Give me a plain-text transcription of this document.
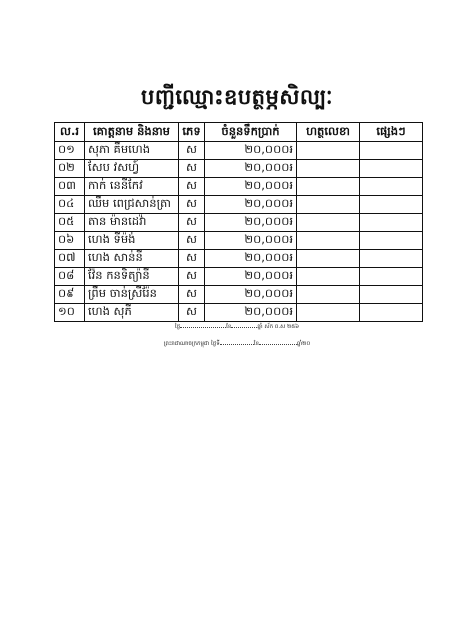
បញ្ជីឈ្មោះឧបត្ថម្ភសិល្បៈ
ល.រ	គោត្តនាម និងនាម	ភេទ	ចំនួនទឹកប្រាក់	ហត្ថលេខា	ផ្សេងៗ
០១	សុភា គឹមហេង	ស	២០,០០០៛		
០២	សែប វសហ្វ៍	ស	២០,០០០៛		
០៣	កាក់ នេនីកែវ	ស	២០,០០០៛		
០៤	ឈឹម ពេជ្រសាន់ត្រា	ស	២០,០០០៛		
០៥	តាន ម៉ានដេវ៉ា	ស	២០,០០០៛		
០៦	ហេង ទីម៉ង់	ស	២០,០០០៛		
០៧	ហេង សាន់នី	ស	២០,០០០៛		
០៨	វ៉ែន កនទិត្យ៉ានី	ស	២០,០០០៛		
០៩	ព្រឹម ចាន់ស្រីរ៉ែន	ស	២០,០០០៛		
១០	ហេង សុភី	ស	២០,០០០៛		
ថ្ងៃ	ខែ	ឆ្នាំ ស័ក ព.ស ២៥៦
ព្រះរាជាណាចក្រកម្ពុជា ថ្ងៃទី	ខែ	ឆ្នាំ២០
